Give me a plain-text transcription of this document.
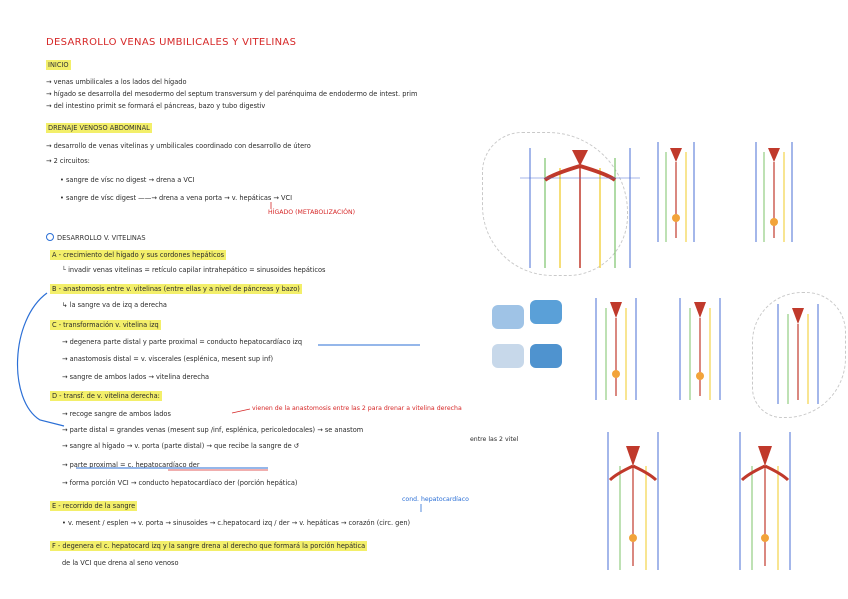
DESARROLLO VENAS UMBILICALES Y VITELINAS
INICIO
→ venas umbilicales a los lados del hígado
→ hígado se desarrolla del mesodermo del septum transversum y del parénquima de endodermo de intest. prim
→ del intestino primit se formará el páncreas, bazo y tubo digestiv
DRENAJE VENOSO ABDOMINAL
→ desarrollo de venas vitelinas y umbilicales coordinado con desarrollo de útero
→ 2 circuitos:
• sangre de vísc no digest → drena a VCI
• sangre de vísc digest ——→ drena a vena porta → v. hepáticas → VCI
HÍGADO (METABOLIZACIÓN)
DESARROLLO V. VITELINAS
A - crecimiento del hígado y sus cordones hepáticos
└ invadir venas vitelinas = retículo capilar intrahepático = sinusoides hepáticos
B - anastomosis entre v. vitelinas (entre ellas y a nivel de páncreas y bazo)
↳ la sangre va de izq a derecha
C - transformación v. vitelina izq
→ degenera parte distal y parte proximal = conducto hepatocardíaco izq
→ anastomosis distal = v. viscerales (esplénica, mesent sup inf)
→ sangre de ambos lados → vitelina derecha
D - transf. de v. vitelina derecha:
vienen de la anastomosis entre las 2 para drenar a vitelina derecha
→ recoge sangre de ambos lados
→ parte distal = grandes venas (mesent sup /inf, esplénica, pericoledocales) → se anastom
entre las 2 vitel
→ sangre al hígado → v. porta (parte distal) → que recibe la sangre de ↺
→ parte proximal = c. hepatocardíaco der
→ forma porción VCI → conducto hepatocardíaco der (porción hepática)
E - recorrido de la sangre
cond. hepatocardíaco
• v. mesent / esplen → v. porta → sinusoides → c.hepatocard izq / der → v. hepáticas → corazón (circ. gen)
F - degenera el c. hepatocard izq y la sangre drena al derecho que formará la porción hepática
de la VCI que drena al seno venoso
